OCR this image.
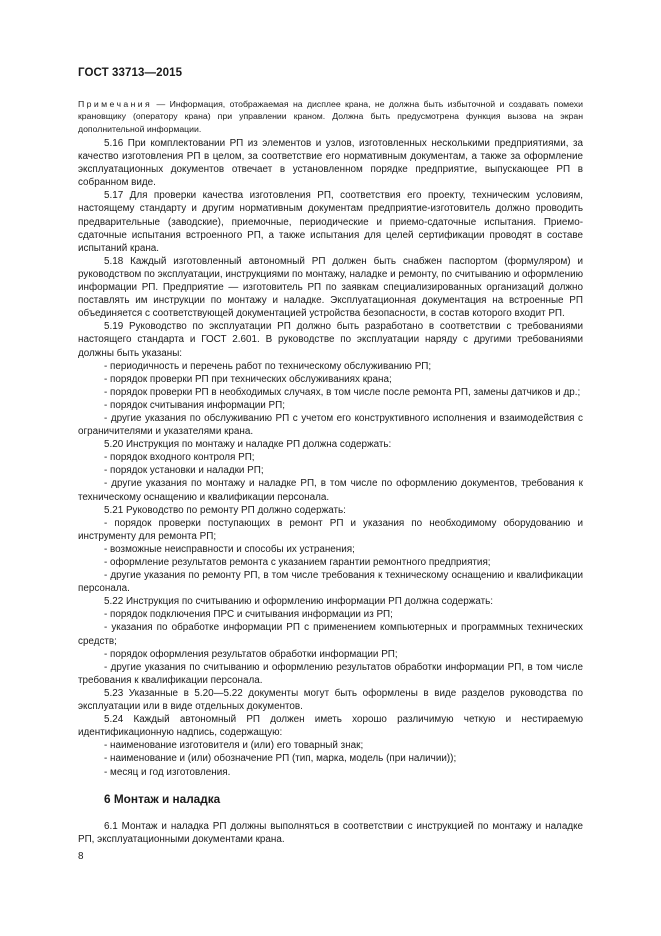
ГОСТ 33713—2015
Примечания — Информация, отображаемая на дисплее крана, не должна быть избыточной и создавать помехи крановщику (оператору крана) при управлении краном. Должна быть предусмотрена функция вызова на экран дополнительной информации.

5.16 При комплектовании РП из элементов и узлов, изготовленных несколькими предприятиями, за качество изготовления РП в целом, за соответствие его нормативным документам, а также за оформление эксплуатационных документов отвечает в установленном порядке предприятие, выпускающее РП в собранном виде.

5.17 Для проверки качества изготовления РП, соответствия его проекту, техническим условиям, настоящему стандарту и другим нормативным документам предприятие-изготовитель должно проводить предварительные (заводские), приемочные, периодические и приемо-сдаточные испытания. Приемо-сдаточные испытания встроенного РП, а также испытания для целей сертификации проводят в составе испытаний крана.

5.18 Каждый изготовленный автономный РП должен быть снабжен паспортом (формуляром) и руководством по эксплуатации, инструкциями по монтажу, наладке и ремонту, по считыванию и оформлению информации РП. Предприятие — изготовитель РП по заявкам специализированных организаций должно поставлять им инструкции по монтажу и наладке. Эксплуатационная документация на встроенные РП объединяется с соответствующей документацией устройства безопасности, в состав которого входит РП.

5.19 Руководство по эксплуатации РП должно быть разработано в соответствии с требованиями настоящего стандарта и ГОСТ 2.601. В руководстве по эксплуатации наряду с другими требованиями должны быть указаны:

- периодичность и перечень работ по техническому обслуживанию РП;

- порядок проверки РП при технических обслуживаниях крана;

- порядок проверки РП в необходимых случаях, в том числе после ремонта РП, замены датчиков и др.;

- порядок считывания информации РП;

- другие указания по обслуживанию РП с учетом его конструктивного исполнения и взаимодействия с ограничителями и указателями крана.

5.20 Инструкция по монтажу и наладке РП должна содержать:

- порядок входного контроля РП;

- порядок установки и наладки РП;

- другие указания по монтажу и наладке РП, в том числе по оформлению документов, требования к техническому оснащению и квалификации персонала.

5.21 Руководство по ремонту РП должно содержать:

- порядок проверки поступающих в ремонт РП и указания по необходимому оборудованию и инструменту для ремонта РП;

- возможные неисправности и способы их устранения;

- оформление результатов ремонта с указанием гарантии ремонтного предприятия;

- другие указания по ремонту РП, в том числе требования к техническому оснащению и квалификации персонала.

5.22 Инструкция по считыванию и оформлению информации РП должна содержать:

- порядок подключения ПРС и считывания информации из РП;

- указания по обработке информации РП с применением компьютерных и программных технических средств;

- порядок оформления результатов обработки информации РП;

- другие указания по считыванию и оформлению результатов обработки информации РП, в том числе требования к квалификации персонала.

5.23 Указанные в 5.20—5.22 документы могут быть оформлены в виде разделов руководства по эксплуатации или в виде отдельных документов.

5.24 Каждый автономный РП должен иметь хорошо различимую четкую и нестираемую идентификационную надпись, содержащую:

- наименование изготовителя и (или) его товарный знак;

- наименование и (или) обозначение РП (тип, марка, модель (при наличии));

- месяц и год изготовления.

6 Монтаж и наладка

6.1 Монтаж и наладка РП должны выполняться в соответствии с инструкцией по монтажу и наладке РП, эксплуатационными документами крана.

8
